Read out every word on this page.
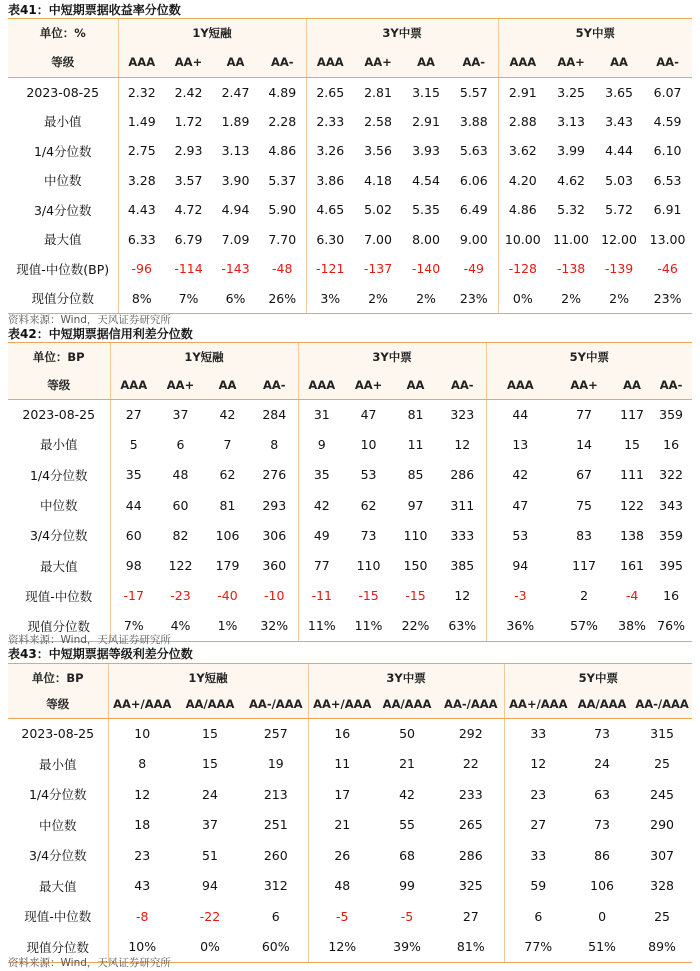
表41：中短期票据收益率分位数
单位：%	1Y短融				3Y中票				5Y中票			
等级	AAA	AA+	AA	AA-	AAA	AA+	AA	AA-	AAA	AA+	AA	AA-
2023-08-25	2.32	2.42	2.47	4.89	2.65	2.81	3.15	5.57	2.91	3.25	3.65	6.07
最小值	1.49	1.72	1.89	2.28	2.33	2.58	2.91	3.88	2.88	3.13	3.43	4.59
1/4分位数	2.75	2.93	3.13	4.86	3.26	3.56	3.93	5.63	3.62	3.99	4.44	6.10
中位数	3.28	3.57	3.90	5.37	3.86	4.18	4.54	6.06	4.20	4.62	5.03	6.53
3/4分位数	4.43	4.72	4.94	5.90	4.65	5.02	5.35	6.49	4.86	5.32	5.72	6.91
最大值	6.33	6.79	7.09	7.70	6.30	7.00	8.00	9.00	10.00	11.00	12.00	13.00
现值-中位数(BP)	-96	-114	-143	-48	-121	-137	-140	-49	-128	-138	-139	-46
现值分位数	8%	7%	6%	26%	3%	2%	2%	23%	0%	2%	2%	23%
资料来源：Wind，天风证券研究所
表42：中短期票据信用利差分位数
单位：BP	1Y短融				3Y中票				5Y中票			
等级	AAA	AA+	AA	AA-	AAA	AA+	AA	AA-	AAA	AA+	AA	AA-
2023-08-25	27	37	42	284	31	47	81	323	44	77	117	359
最小值	5	6	7	8	9	10	11	12	13	14	15	16
1/4分位数	35	48	62	276	35	53	85	286	42	67	111	322
中位数	44	60	81	293	42	62	97	311	47	75	122	343
3/4分位数	60	82	106	306	49	73	110	333	53	83	138	359
最大值	98	122	179	360	77	110	150	385	94	117	161	395
现值-中位数	-17	-23	-40	-10	-11	-15	-15	12	-3	2	-4	16
现值分位数	7%	4%	1%	32%	11%	11%	22%	63%	36%	57%	38%	76%
资料来源：Wind，天风证券研究所
表43：中短期票据等级利差分位数
单位：BP	1Y短融			3Y中票			5Y中票		
等级	AA+/AAA	AA/AAA	AA-/AAA	AA+/AAA	AA/AAA	AA-/AAA	AA+/AAA	AA/AAA	AA-/AAA
2023-08-25	10	15	257	16	50	292	33	73	315
最小值	8	15	19	11	21	22	12	24	25
1/4分位数	12	24	213	17	42	233	23	63	245
中位数	18	37	251	21	55	265	27	73	290
3/4分位数	23	51	260	26	68	286	33	86	307
最大值	43	94	312	48	99	325	59	106	328
现值-中位数	-8	-22	6	-5	-5	27	6	0	25
现值分位数	10%	0%	60%	12%	39%	81%	77%	51%	89%
资料来源：Wind，天风证券研究所
